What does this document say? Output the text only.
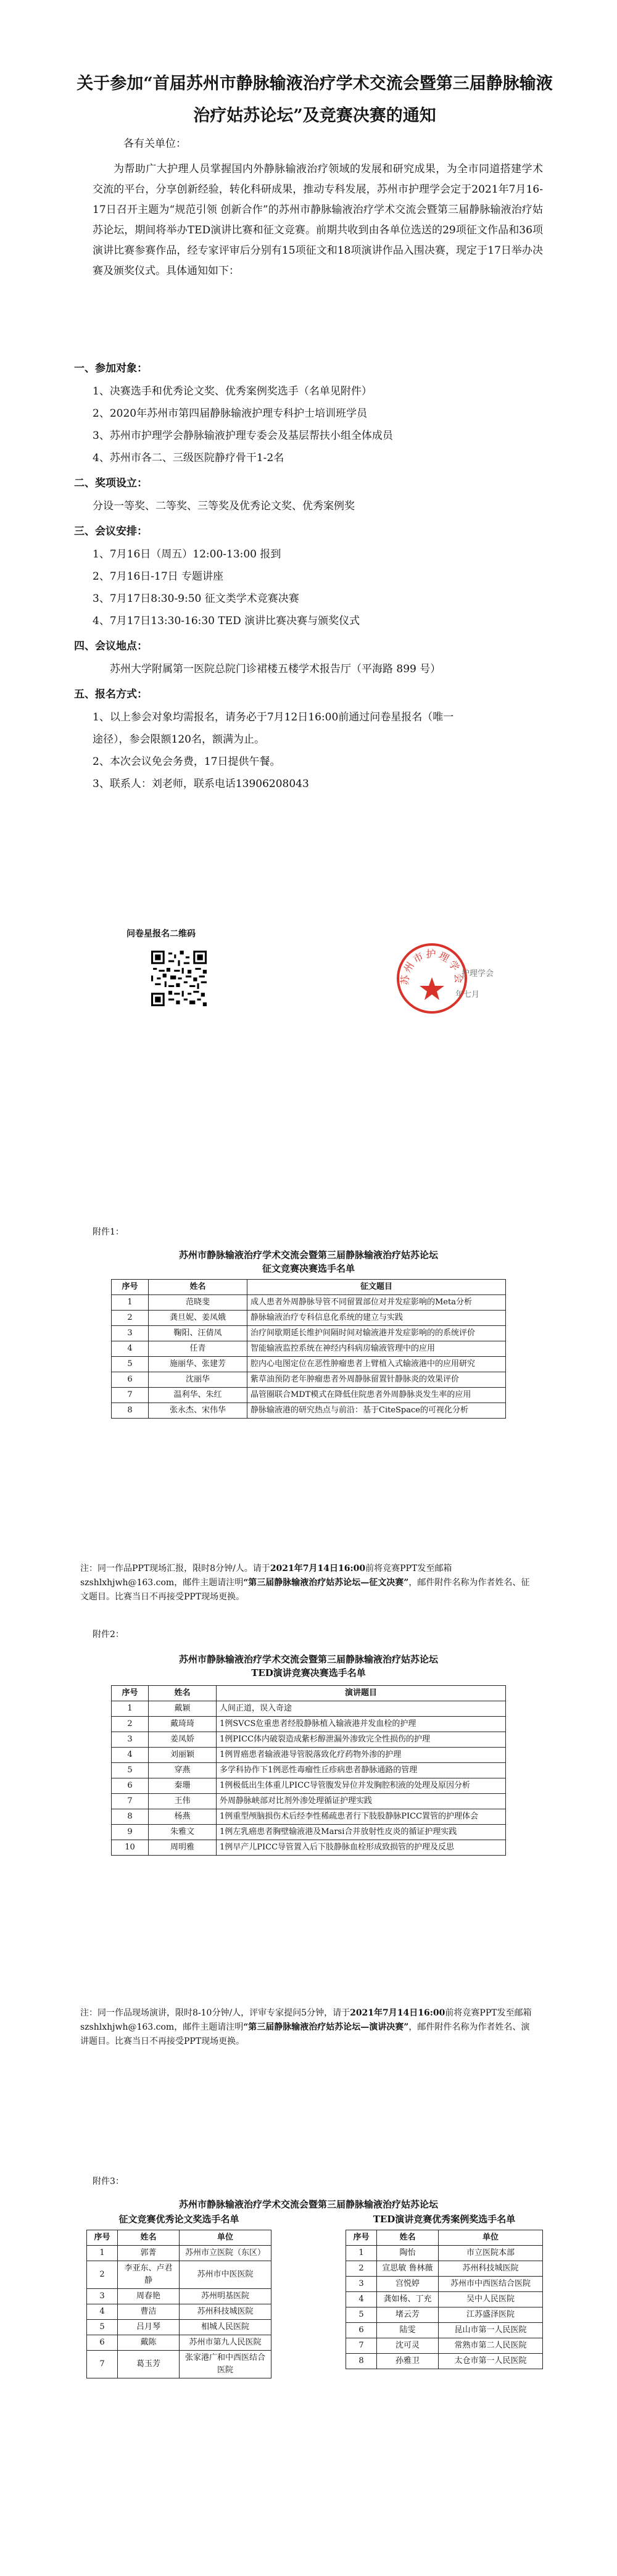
关于参加“首届苏州市静脉输液治疗学术交流会暨第三届静脉输液治疗姑苏论坛”及竞赛决赛的通知
各有关单位：

为帮助广大护理人员掌握国内外静脉输液治疗领域的发展和研究成果，为全市同道搭建学术交流的平台，分享创新经验，转化科研成果，推动专科发展，苏州市护理学会定于2021年7月16-17日召开主题为“规范引领 创新合作”的苏州市静脉输液治疗学术交流会暨第三届静脉输液治疗姑苏论坛，期间将举办TED演讲比赛和征文竞赛。前期共收到由各单位选送的29项征文作品和36项演讲比赛参赛作品，经专家评审后分别有15项征文和18项演讲作品入围决赛，现定于17日举办决赛及颁奖仪式。具体通知如下：

一、参加对象：
1、决赛选手和优秀论文奖、优秀案例奖选手（名单见附件）
2、2020年苏州市第四届静脉输液护理专科护士培训班学员
3、苏州市护理学会静脉输液护理专委会及基层帮扶小组全体成员
4、苏州市各二、三级医院静疗骨干1-2名
二、奖项设立：
分设一等奖、二等奖、三等奖及优秀论文奖、优秀案例奖
三、会议安排：
1、7月16日（周五）12:00-13:00 报到
2、7月16日-17日 专题讲座
3、7月17日8:30-9:50 征文类学术竞赛决赛
4、7月17日13:30-16:30 TED 演讲比赛决赛与颁奖仪式
四、会议地点：
苏州大学附属第一医院总院门诊裙楼五楼学术报告厅（平海路 899 号）
五、报名方式：
1、以上参会对象均需报名，请务必于7月12日16:00前通过问卷星报名（唯一
途径），参会限额120名，额满为止。
2、本次会议免会务费，17日提供午餐。
3、联系人：刘老师，联系电话13906208043
问卷星报名二维码
苏州市护理学会
护理学会
年七月
附件1：
苏州市静脉输液治疗学术交流会暨第三届静脉输液治疗姑苏论坛
征文竞赛决赛选手名单
序号	姓名	征文题目
1	范晓斐	成人患者外周静脉导管不同留置部位对并发症影响的Meta分析
2	龚旦妮、姜凤娥	静脉输液治疗专科信息化系统的建立与实践
3	鞠阳、汪倩凤	治疗间歇期延长维护间隔时间对输液港并发症影响的的系统评价
4	任青	智能输液监控系统在神经内科病房输液管理中的应用
5	施丽华、张建芳	腔内心电图定位在恶性肿瘤患者上臂植入式输液港中的应用研究
6	沈丽华	紫草油预防老年肿瘤患者外周静脉留置针静脉炎的效果评价
7	温利华、朱红	晶管圈联合MDT模式在降低住院患者外周静脉炎发生率的应用
8	张永杰、宋伟华	静脉输液港的研究热点与前沿：基于CiteSpace的可视化分析
注：同一作品PPT现场汇报，限时8分钟/人。请于2021年7月14日16:00前将竞赛PPT发至邮箱szshlxhjwh@163.com，邮件主题请注明“第三届静脉输液治疗姑苏论坛—征文决赛”，邮件附件名称为作者姓名、征文题目。比赛当日不再接受PPT现场更换。
附件2：
苏州市静脉输液治疗学术交流会暨第三届静脉输液治疗姑苏论坛
TED演讲竞赛决赛选手名单
序号	姓名	演讲题目
1	戴颖	人间正道，误入奇途
2	戴琦琦	1例SVCS危重患者经股静脉植入输液港并发血栓的护理
3	姜凤娇	1例PICC体内破裂造成紫杉醇泄漏外渗致完全性损伤的护理
4	刘丽颖	1例胃癌患者输液港导管脱落致化疗药物外渗的护理
5	穿燕	多学科协作下1例恶性毒瘤性丘疹病患者静脉通路的管理
6	秦珊	1例极低出生体重儿PICC导管腹发异位并发胸腔积液的处理及原因分析
7	王伟	外周静脉峡部对比剂外渗处理循证护理实践
8	杨燕	1例重型颅脑损伤术后经李性稀疏患者行下肢股静脉PICC置管的护理体会
9	朱雅文	1例左乳癌患者胸壁输液港及Marsi合并放射性皮炎的循证护理实践
10	周明雅	1例早产儿PICC导管置入后下肢静脉血栓形成致损管的护理及反思
注：同一作品现场演讲，限时8-10分钟/人，评审专家提问5分钟，请于2021年7月14日16:00前将竞赛PPT发至邮箱szshlxhjwh@163.com，邮件主题请注明“第三届静脉输液治疗姑苏论坛—演讲决赛”，邮件附件名称为作者姓名、演讲题目。比赛当日不再接受PPT现场更换。
附件3：
苏州市静脉输液治疗学术交流会暨第三届静脉输液治疗姑苏论坛
征文竞赛优秀论文奖选手名单	TED演讲竞赛优秀案例奖选手名单
序号	姓名	单位
1	郭菁	苏州市立医院（东区）
2	李亚东、卢君静	苏州市中医医院
3	周春艳	苏州明基医院
4	曹洁	苏州科技城医院
5	吕月琴	相城人民医院
6	戴陈	苏州市第九人民医院
7	葛玉芳	张家港广和中西医结合医院
序号	姓名	单位
1	陶怡	市立医院本部
2	宣思敏 鲁林薇	苏州科技城医院
3	宫悦婷	苏州市中西医结合医院
4	龚如杨、丁充	吴中人民医院
5	堵云芳	江苏盛泽医院
6	陆雯	昆山市第一人民医院
7	沈可灵	常熟市第二人民医院
8	孙雅卫	太仓市第一人民医院
